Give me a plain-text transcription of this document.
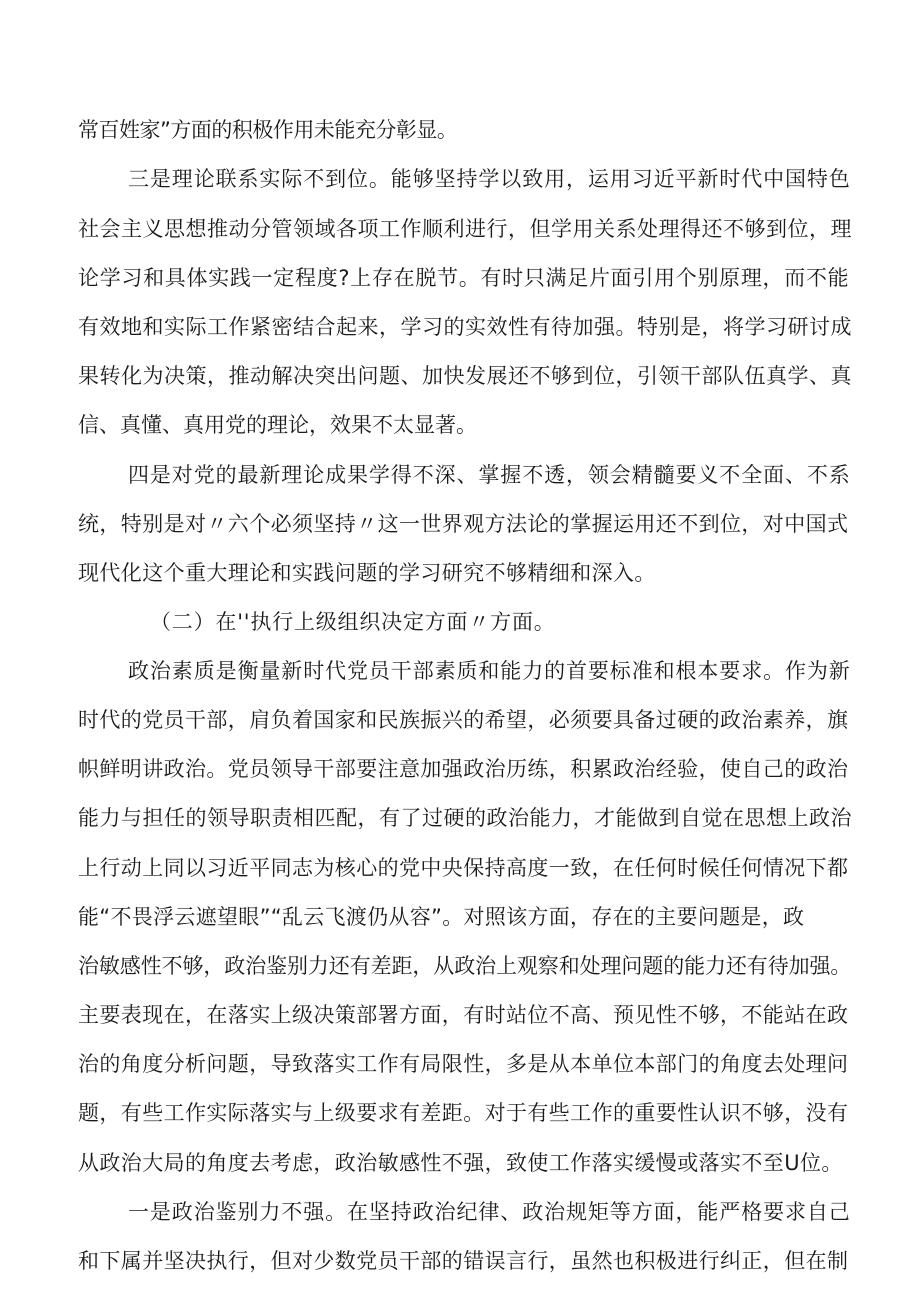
常百姓家”方面的积极作用未能充分彰显。
三是理论联系实际不到位。能够坚持学以致用，运用习近平新时代中国特色
社会主义思想推动分管领域各项工作顺利进行，但学用关系处理得还不够到位，理
论学习和具体实践一定程度?上存在脱节。有时只满足片面引用个别原理，而不能
有效地和实际工作紧密结合起来，学习的实效性有待加强。特别是，将学习研讨成
果转化为决策，推动解决突出问题、加快发展还不够到位，引领干部队伍真学、真
信、真懂、真用党的理论，效果不太显著。
四是对党的最新理论成果学得不深、掌握不透，领会精髓要义不全面、不系
统，特别是对〃六个必须坚持〃这一世界观方法论的掌握运用还不到位，对中国式
现代化这个重大理论和实践问题的学习研究不够精细和深入。
（二）在''执行上级组织决定方面〃方面。
政治素质是衡量新时代党员干部素质和能力的首要标准和根本要求。作为新
时代的党员干部，肩负着国家和民族振兴的希望，必须要具备过硬的政治素养，旗
帜鲜明讲政治。党员领导干部要注意加强政治历练，积累政治经验，使自己的政治
能力与担任的领导职责相匹配，有了过硬的政治能力，才能做到自觉在思想上政治
上行动上同以习近平同志为核心的党中央保持高度一致，在任何时候任何情况下都
能“不畏浮云遮望眼”“乱云飞渡仍从容”。对照该方面，存在的主要问题是，政
治敏感性不够，政治鉴别力还有差距，从政治上观察和处理问题的能力还有待加强。
主要表现在，在落实上级决策部署方面，有时站位不高、预见性不够，不能站在政
治的角度分析问题，导致落实工作有局限性，多是从本单位本部门的角度去处理问
题，有些工作实际落实与上级要求有差距。对于有些工作的重要性认识不够，没有
从政治大局的角度去考虑，政治敏感性不强，致使工作落实缓慢或落实不至U位。
一是政治鉴别力不强。在坚持政治纪律、政治规矩等方面，能严格要求自己
和下属并坚决执行，但对少数党员干部的错误言行，虽然也积极进行纠正，但在制
